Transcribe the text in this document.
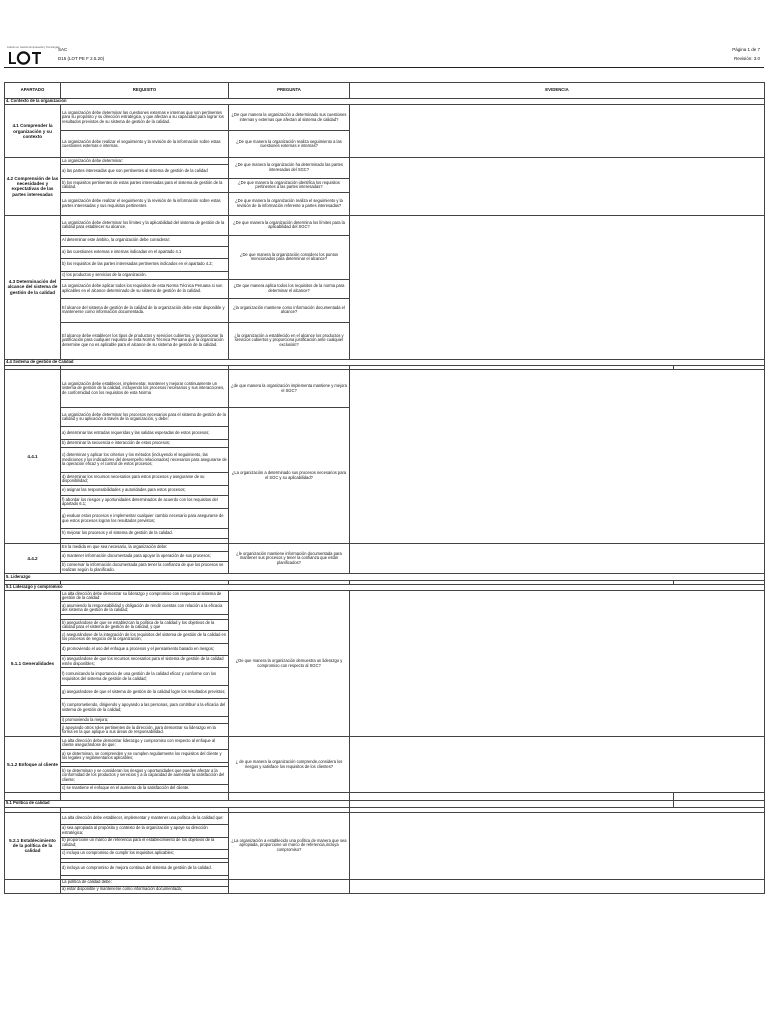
Lideres en Gestion Empresarial y Tecnologias
SAC
D15 (LOT PE F 2.5.20)
Página 1 de 7
Revisión: 3.0
APARTADO	REQUISITO	PREGUNTA	EVIDENCIA	
4. Contexto de la organización				
4.1 Comprender la organización y su contexto	La organización debe determinar las cuestiones externas e internas que son pertinentes para su propósito y su dirección estratégica, y que afectan a su capacidad para lograr los resultados previstos de su sistema de gestión de la calidad.	¿De que manera la organización a determinado sus cuestiones internas y externas que afectan al sistema de calidad?		
	La organización debe realizar el seguimiento y la revisión de la información sobre estas cuestiones externas e internas.	¿De que manera la organización realiza seguimiento a las cuestiones externas e internas?		
4.2 Comprensión de las necesidades y expectativas de las partes interesadas	La organización debe determinar:	¿De que manera la organización ha determinado las partes interesadas del SGC?		
	a) las partes interesadas que son pertinentes al sistema de gestión de la calidad			
	b) los requisitos pertinentes de estas partes interesadas para el sistema de gestión de la calidad.	¿De que manera la organización identifica los requisitos pertinentes a las partes interesadas?		
	La organización debe realizar el seguimiento y la revisión de la información sobre estas partes interesadas y sus requisitos pertinentes	¿De que manera la organización realiza el seguimiento y la revisión de la información referente a partes interesadas?		
4.3 Determinación del alcance del sistema de gestión de la calidad	La organización debe determinar los límites y la aplicabilidad del sistema de gestión de la calidad para establecer su alcance.	¿De que manera la organización determina los límites para la aplicabilidad del SGC?		
	Al determinar este ámbito, la organización debe considerar:	¿De que manera la organización considero los puntos mencionados para determinar el alcance?		
	a) las cuestiones externas e internas indicadas en el apartado 4.1			
	b) los requisitos de las partes interesadas pertinentes indicados en el apartado 4.2;			
	c) los productos y servicios de la organización.			
	La organización debe aplicar todos los requisitos de esta Norma Técnica Peruana si son aplicables en el alcance determinado de su sistema de gestión de la calidad.	¿De que manera aplica todos los requisitos de la norma para determinar el alcance?		
	El alcance del sistema de gestión de la calidad de la organización debe estar disponible y mantenerse como información documentada.	¿la organización mantiene como información documentada el alcance?		
	El alcance debe establecer los tipos de productos y servicios cubiertos, y proporcionar la justificación para cualquier requisito de esta Norma Técnica Peruana que la organización determine que no es aplicable para el alcance de su sistema de gestión de la calidad.	¿la organización a establecido en el alcance los productos y servicios cubiertos y proporciona justificación ante cualquier exclusión?		
4.4 Sistema de gestión de Calidad				

4.4.1	La organización debe establecer, implementar, mantener y mejorar continuamente un sistema de gestión de la calidad, incluyendo los procesos necesarios y sus interacciones, de conformidad con los requisitos de esta Norma	¿de que manera la organización implementa mantiene y mejora el SGC?		
	La organización debe determinar los procesos necesarios para el sistema de gestión de la calidad y su aplicación a través de la organización, y debe:	¿La organización a determinado sus procesos necesarios para el SGC y su aplicabilidad?		
	a) determinar las entradas requeridas y las salidas esperadas de estos procesos;			
	b) determinar la secuencia e interacción de estos procesos;			
	c) determinar y aplicar los criterios y los métodos (incluyendo el seguimiento, las mediciones y los indicadores del desempeño relacionados) necesarios para asegurarse de la operación eficaz y el control de estos procesos;			
	d) determinar los recursos necesarios para estos procesos y asegurarse de su disponibilidad;			
	e) asignar las responsabilidades y autoridades para estos procesos;			
	f) abordar los riesgos y oportunidades determinados de acuerdo con los requisitos del apartado 6.1;			
	g) evaluar estos procesos e implementar cualquier cambio necesario para asegurarse de que estos procesos logran los resultados previstos;			
	h) mejorar los procesos y el sistema de gestión de la calidad.			

4.4.2	En la medida en que sea necesario, la organización debe:	¿le organización mantiene información documentada para mantener sus procesos y tener la confianza que están planificados?		
	a) mantener información documentada para apoyar la operación de sus procesos;			
	b) conservar la información documentada para tener la confianza de que los procesos se realizan según lo planificado.			
5. Liderazgo				

5.1 Liderazgo y compromiso				
5.1.1 Generalidades	La alta dirección debe demostrar su liderazgo y compromiso con respecto al sistema de gestión de la calidad:	¿De que manera la organización demuestra un liderazgo y compromiso con respecto al SGC?		
	a) asumiendo la responsabilidad y obligación de rendir cuentas con relación a la eficacia del sistema de gestión de la calidad;			

	b) asegurándose de que se establezcan la política de la calidad y los objetivos de la calidad para el sistema de gestión de la calidad, y que			
	c) asegurándose de la integración de los requisitos del sistema de gestión de la calidad en los procesos de negocio de la organización;			
	d) promoviendo el uso del enfoque a procesos y el pensamiento basado en riesgos;			
	e) asegurándose de que los recursos necesarios para el sistema de gestión de la calidad estén disponibles;			
	f) comunicando la importancia de una gestión de la calidad eficaz y conforme con los requisitos del sistema de gestión de la calidad;			
	g) asegurándose de que el sistema de gestión de la calidad logre los resultados previstos;			
	h) comprometiendo, dirigiendo y apoyando a las personas, para contribuir a la eficacia del sistema de gestión de la calidad;			
	i) promoviendo la mejora;			
	j) apoyando otros roles pertinentes de la dirección, para demostrar su liderazgo en la forma en la que aplique a sus áreas de responsabilidad.			
5.1.2 Enfoque al cliente	La alta dirección debe demostrar liderazgo y compromiso con respecto al enfoque al cliente asegurándose de que:	¿ de que manera la organización comprende,considera los riesgos y satisface los requisitos de los clientes?		
	a) se determinan, se comprenden y se cumplen regularmente los requisitos del cliente y los legales y reglamentarios aplicables;			

	b) se determinan y se consideran los riesgos y oportunidades que pueden afectar a la conformidad de los productos y servicios y a la capacidad de aumentar la satisfacción del cliente;			
	c) se mantiene el enfoque en el aumento de la satisfacción del cliente.			

5.1 Política de calidad				

5.2.1 Establecimiento de la política de la calidad	La alta dirección debe establecer, implementar y mantener una política de la calidad que:	¿La organización a establecido una política de manera que sea apropiada, proporcione un marco de referencia,incluya compromiso?		
	a) sea apropiada al propósito y contexto de la organización y apoye su dirección estratégica;			
	b) proporcione un marco de referencia para el establecimiento de los objetivos de la calidad;			
	c) incluya un compromiso de cumplir los requisitos aplicables;			

	d) incluya un compromiso de mejora continua del sistema de gestión de la calidad.			

	La política de calidad debe:			
	a) estar disponible y mantenerse como información documentada;			
